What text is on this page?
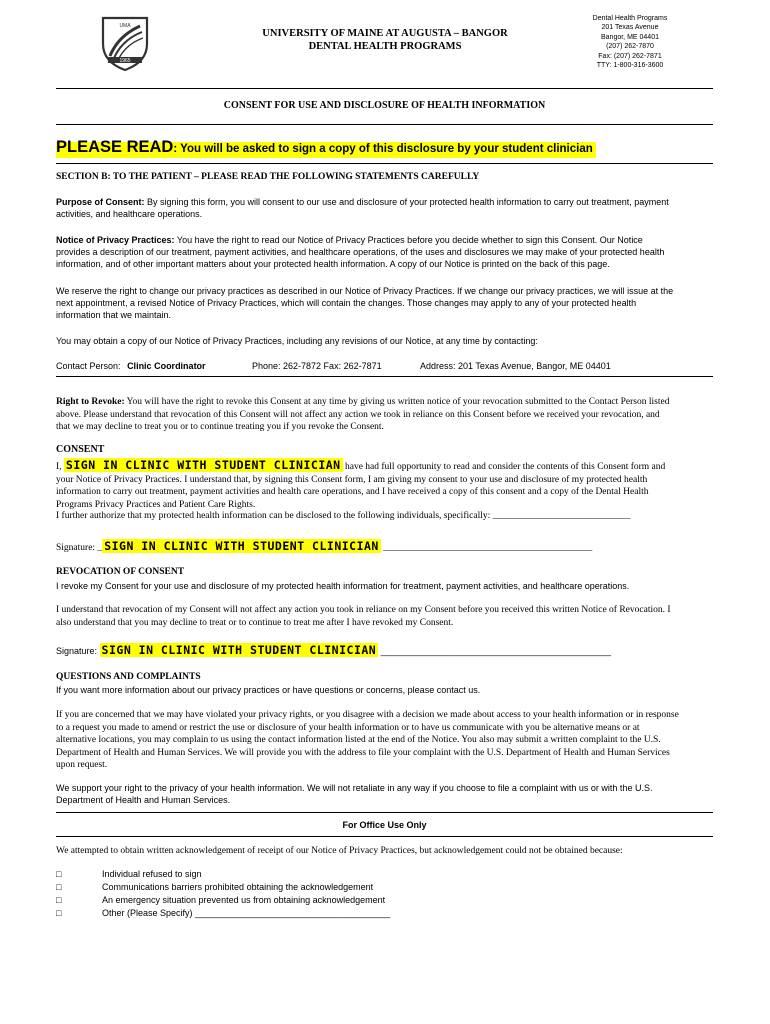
UMA
1965
UNIVERSITY OF MAINE AT AUGUSTA – BANGOR
DENTAL HEALTH PROGRAMS
Dental Health Programs
201 Texas Avenue
Bangor, ME 04401
(207) 262-7870
Fax: (207) 262-7871
TTY: 1-800-316-3600
CONSENT FOR USE AND DISCLOSURE OF HEALTH INFORMATION
PLEASE READ: You will be asked to sign a copy of this disclosure by your student clinician
SECTION B: TO THE PATIENT – PLEASE READ THE FOLLOWING STATEMENTS CAREFULLY
Purpose of Consent: By signing this form, you will consent to our use and disclosure of your protected health information to carry out treatment, payment activities, and healthcare operations.
Notice of Privacy Practices: You have the right to read our Notice of Privacy Practices before you decide whether to sign this Consent. Our Notice provides a description of our treatment, payment activities, and healthcare operations, of the uses and disclosures we may make of your protected health information, and of other important matters about your protected health information. A copy of our Notice is printed on the back of this page.
We reserve the right to change our privacy practices as described in our Notice of Privacy Practices. If we change our privacy practices, we will issue at the next appointment, a revised Notice of Privacy Practices, which will contain the changes. Those changes may apply to any of your protected health information that we maintain.
You may obtain a copy of our Notice of Privacy Practices, including any revisions of our Notice, at any time by contacting:
Contact Person: Clinic Coordinator	Phone: 262-7872 Fax: 262-7871	Address: 201 Texas Avenue, Bangor, ME 04401
Right to Revoke: You will have the right to revoke this Consent at any time by giving us written notice of your revocation submitted to the Contact Person listed above. Please understand that revocation of this Consent will not affect any action we took in reliance on this Consent before we received your revocation, and that we may decline to treat you or to continue treating you if you revoke the Consent.
CONSENT
I, SIGN IN CLINIC WITH STUDENT CLINICIAN have had full opportunity to read and consider the contents of this Consent form and your Notice of Privacy Practices. I understand that, by signing this Consent form, I am giving my consent to your use and disclosure of my protected health information to carry out treatment, payment activities and health care operations, and I have received a copy of this consent and a copy of the Dental Health Programs Privacy Practices and Patient Care Rights.
I further authorize that my protected health information can be disclosed to the following individuals, specifically: _____________________________
Signature: _ SIGN IN CLINIC WITH STUDENT CLINICIAN ____________________________________________
REVOCATION OF CONSENT
I revoke my Consent for your use and disclosure of my protected health information for treatment, payment activities, and healthcare operations.
I understand that revocation of my Consent will not affect any action you took in reliance on my Consent before you received this written Notice of Revocation. I also understand that you may decline to treat or to continue to treat me after I have revoked my Consent.
Signature: SIGN IN CLINIC WITH STUDENT CLINICIAN ______________________________________________
QUESTIONS AND COMPLAINTS
If you want more information about our privacy practices or have questions or concerns, please contact us.
If you are concerned that we may have violated your privacy rights, or you disagree with a decision we made about access to your health information or in response to a request you made to amend or restrict the use or disclosure of your health information or to have us communicate with you be alternative means or at alternative locations, you may complain to us using the contact information listed at the end of the Notice. You also may submit a written complaint to the U.S. Department of Health and Human Services. We will provide you with the address to file your complaint with the U.S. Department of Health and Human Services upon request.
We support your right to the privacy of your health information. We will not retaliate in any way if you choose to file a complaint with us or with the U.S. Department of Health and Human Services.
For Office Use Only
We attempted to obtain written acknowledgement of receipt of our Notice of Privacy Practices, but acknowledgement could not be obtained because:
□	Individual refused to sign
□	Communications barriers prohibited obtaining the acknowledgement
□	An emergency situation prevented us from obtaining acknowledgement
□	Other (Please Specify) _______________________________________
